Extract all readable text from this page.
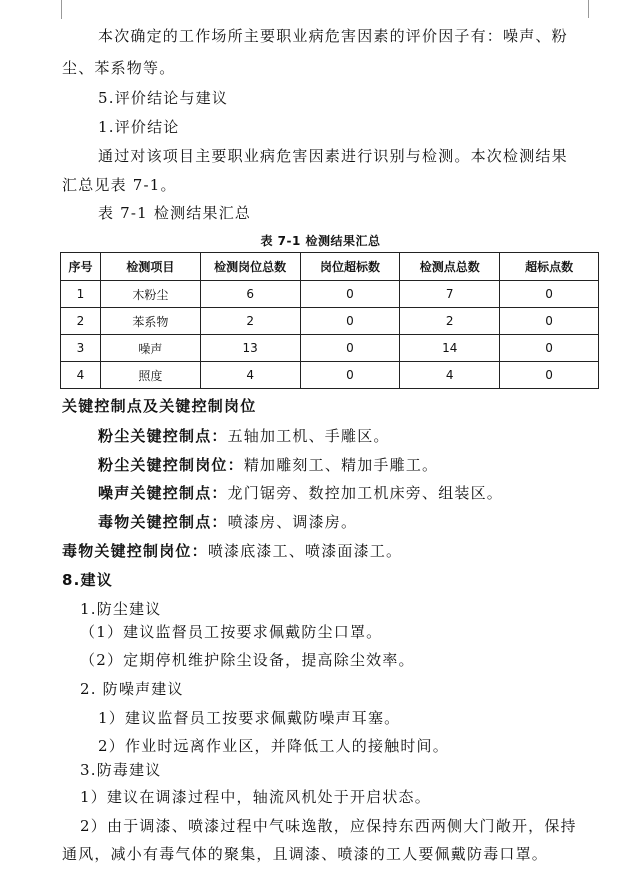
本次确定的工作场所主要职业病危害因素的评价因子有：噪声、粉
尘、苯系物等。
5.评价结论与建议
1.评价结论
通过对该项目主要职业病危害因素进行识别与检测。本次检测结果
汇总见表 7-1。
表 7-1 检测结果汇总
表 7-1 检测结果汇总
序号	检测项目	检测岗位总数	岗位超标数	检测点总数	超标点数
1	木粉尘	6	0	7	0
2	苯系物	2	0	2	0
3	噪声	13	0	14	0
4	照度	4	0	4	0
关键控制点及关键控制岗位
粉尘关键控制点：五轴加工机、手雕区。
粉尘关键控制岗位：精加雕刻工、精加手雕工。
噪声关键控制点：龙门锯旁、数控加工机床旁、组装区。
毒物关键控制点：喷漆房、调漆房。
毒物关键控制岗位：喷漆底漆工、喷漆面漆工。
8.建议
1.防尘建议
（1）建议监督员工按要求佩戴防尘口罩。
（2）定期停机维护除尘设备，提高除尘效率。
2. 防噪声建议
1）建议监督员工按要求佩戴防噪声耳塞。
2）作业时远离作业区，并降低工人的接触时间。
3.防毒建议
1）建议在调漆过程中，轴流风机处于开启状态。
2）由于调漆、喷漆过程中气味逸散，应保持东西两侧大门敞开，保持
通风，减小有毒气体的聚集，且调漆、喷漆的工人要佩戴防毒口罩。
